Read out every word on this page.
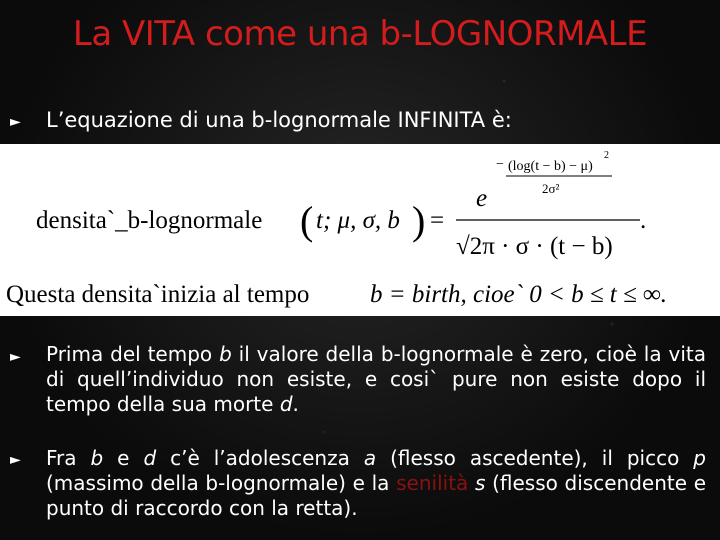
La VITA come una b-LOGNORMALE
► L’equazione di una b-lognormale INFINITA è:
densita`_b-lognormale ( t; μ, σ, b ) =
e
− (log(t − b) − μ)
2
2σ²
√2π · σ · (t − b)
.
Questa densita`inizia al tempo b = birth, cioe` 0 < b ≤ t ≤ ∞.
► Prima del tempo b il valore della b-lognormale è zero, cioè la vita di quell’individuo non esiste, e cosi` pure non esiste dopo il tempo della sua morte d.
► Fra b e d c’è l’adolescenza a (flesso ascedente), il picco p (massimo della b-lognormale) e la senilità s (flesso discendente e punto di raccordo con la retta).
